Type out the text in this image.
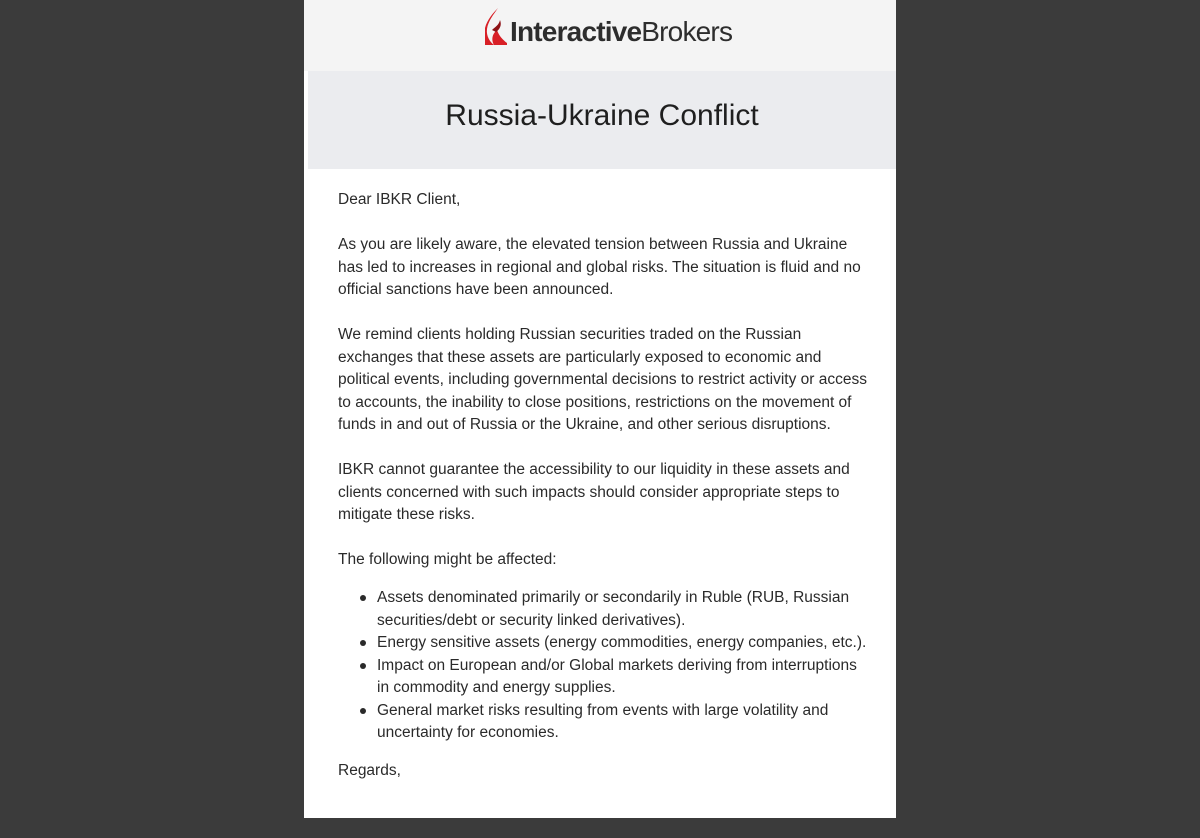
InteractiveBrokers
Russia-Ukraine Conflict

Dear IBKR Client,

As you are likely aware, the elevated tension between Russia and Ukraine has led to increases in regional and global risks. The situation is fluid and no official sanctions have been announced.

We remind clients holding Russian securities traded on the Russian exchanges that these assets are particularly exposed to economic and political events, including governmental decisions to restrict activity or access to accounts, the inability to close positions, restrictions on the movement of funds in and out of Russia or the Ukraine, and other serious disruptions.

IBKR cannot guarantee the accessibility to our liquidity in these assets and clients concerned with such impacts should consider appropriate steps to mitigate these risks.

The following might be affected:

Assets denominated primarily or secondarily in Ruble (RUB, Russian securities/debt or security linked derivatives).
Energy sensitive assets (energy commodities, energy companies, etc.).
Impact on European and/or Global markets deriving from interruptions in commodity and energy supplies.
General market risks resulting from events with large volatility and uncertainty for economies.

Regards,
